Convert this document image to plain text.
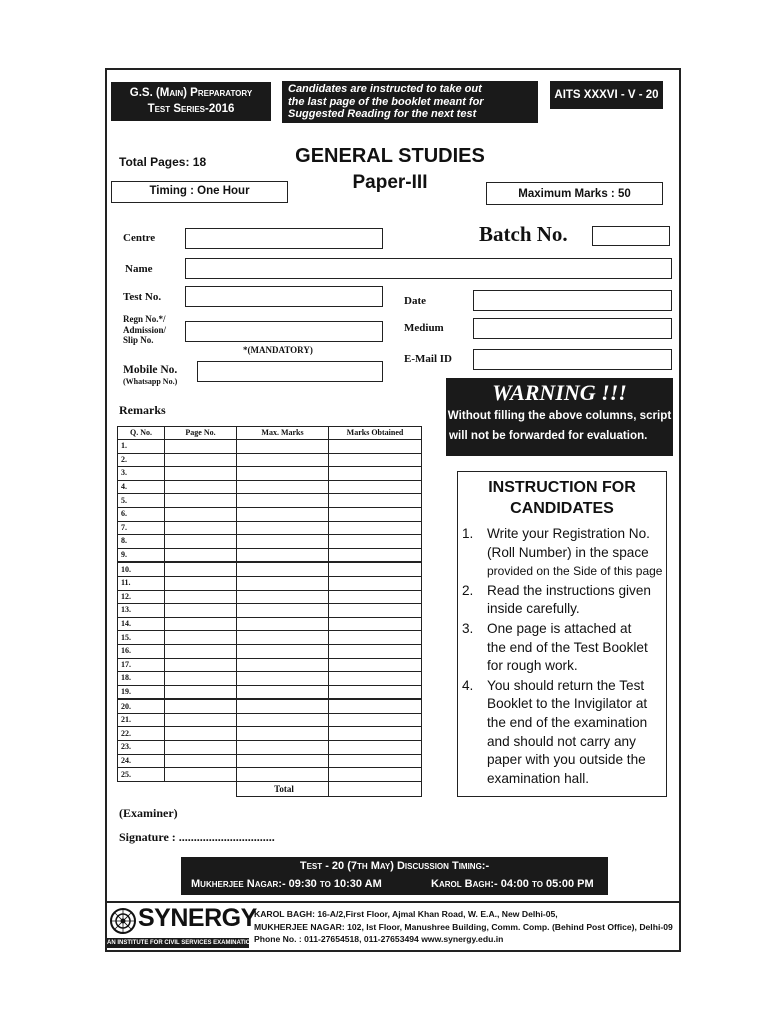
G.S. (Main) Preparatory
Test Series-2016
Candidates are instructed to take out
the last page of the booklet meant for
Suggested Reading for the next test
AITS XXXVI - V - 20
Total Pages: 18	GENERAL STUDIES
Paper-III
Timing : One Hour	Maximum Marks : 50
Centre	Batch No.
Name
Test No.	Date
Regn No.*/
Admission/
Slip No.
Medium
*(MANDATORY)
E-Mail ID
Mobile No.
(Whatsapp No.)	WARNING !!!
Without filling the above columns, script
will not be forwarded for evaluation.
Remarks
Q. No.	Page No.	Max. Marks	Marks Obtained
1.			
2.			
3.			
4.			
5.			
6.			
7.			
8.			
9.			
10.			
11.			
12.			
13.			
14.			
15.			
16.			
17.			
18.			
19.			
20.			
21.			
22.			
23.			
24.			
25.			
		Total	
INSTRUCTION FOR
CANDIDATES
1. Write your Registration No.
(Roll Number) in the space
provided on the Side of this page
2. Read the instructions given
inside carefully.
3. One page is attached at
the end of the Test Booklet
for rough work.
4. You should return the Test
Booklet to the Invigilator at
the end of the examination
and should not carry any
paper with you outside the
examination hall.
(Examiner)
Signature : ................................
Test - 20 (7th May) Discussion Timing:-
Mukherjee Nagar:- 09:30 to 10:30 AM	Karol Bagh:- 04:00 to 05:00 PM
SYNERGY
AN INSTITUTE FOR CIVIL SERVICES EXAMINATION
KAROL BAGH: 16-A/2,First Floor, Ajmal Khan Road, W. E.A., New Delhi-05,
MUKHERJEE NAGAR: 102, Ist Floor, Manushree Building, Comm. Comp. (Behind Post Office), Delhi-09
Phone No. : 011-27654518, 011-27653494 www.synergy.edu.in
